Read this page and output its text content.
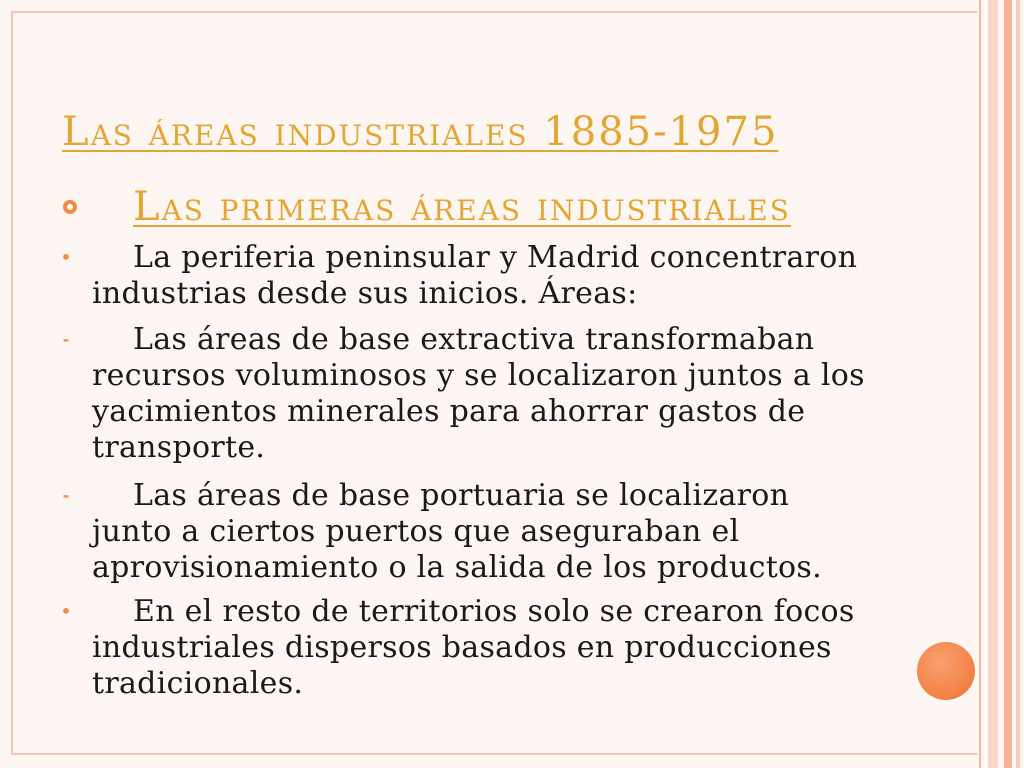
Las áreas industriales 1885-1975
Las primeras áreas industriales
•	La periferia peninsular y Madrid concentraron
industrias desde sus inicios. Áreas:
-	Las áreas de base extractiva transformaban
recursos voluminosos y se localizaron juntos a los
yacimientos minerales para ahorrar gastos de
transporte.
-	Las áreas de base portuaria se localizaron
junto a ciertos puertos que aseguraban el
aprovisionamiento o la salida de los productos.
•	En el resto de territorios solo se crearon focos
industriales dispersos basados en producciones
tradicionales.
